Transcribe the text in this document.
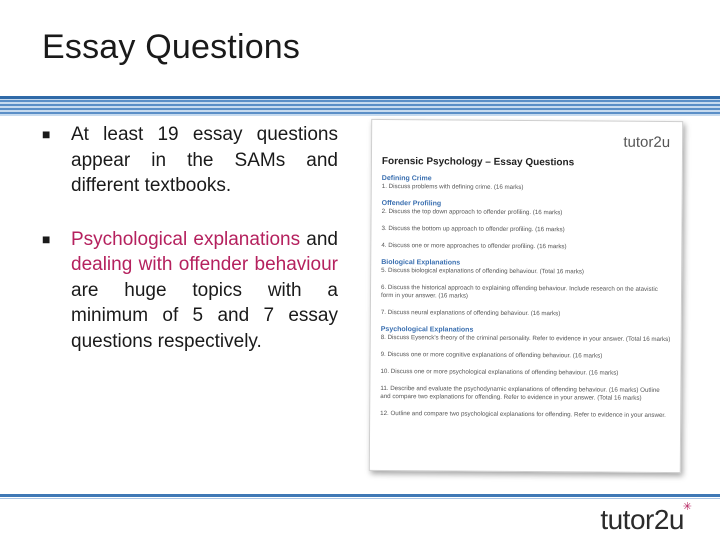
Essay Questions
■ At least 19 essay questions appear in the SAMs and different textbooks.
■ Psychological explanations and dealing with offender behaviour are huge topics with a minimum of 5 and 7 essay questions respectively.
tutor2u
Forensic Psychology – Essay Questions
Defining Crime
1. Discuss problems with defining crime. (16 marks)
Offender Profiling
2. Discuss the top down approach to offender profiling. (16 marks)
3. Discuss the bottom up approach to offender profiling. (16 marks)
4. Discuss one or more approaches to offender profiling. (16 marks)
Biological Explanations
5. Discuss biological explanations of offending behaviour. (Total 16 marks)
6. Discuss the historical approach to explaining offending behaviour. Include research on the atavistic form in your answer. (16 marks)
7. Discuss neural explanations of offending behaviour. (16 marks)
Psychological Explanations
8. Discuss Eysenck's theory of the criminal personality. Refer to evidence in your answer. (Total 16 marks)
9. Discuss one or more cognitive explanations of offending behaviour. (16 marks)
10. Discuss one or more psychological explanations of offending behaviour. (16 marks)
11. Describe and evaluate the psychodynamic explanations of offending behaviour. (16 marks) Outline and compare two explanations for offending. Refer to evidence in your answer. (Total 16 marks)
12. Outline and compare two psychological explanations for offending. Refer to evidence in your answer.
tutor2u
✳
